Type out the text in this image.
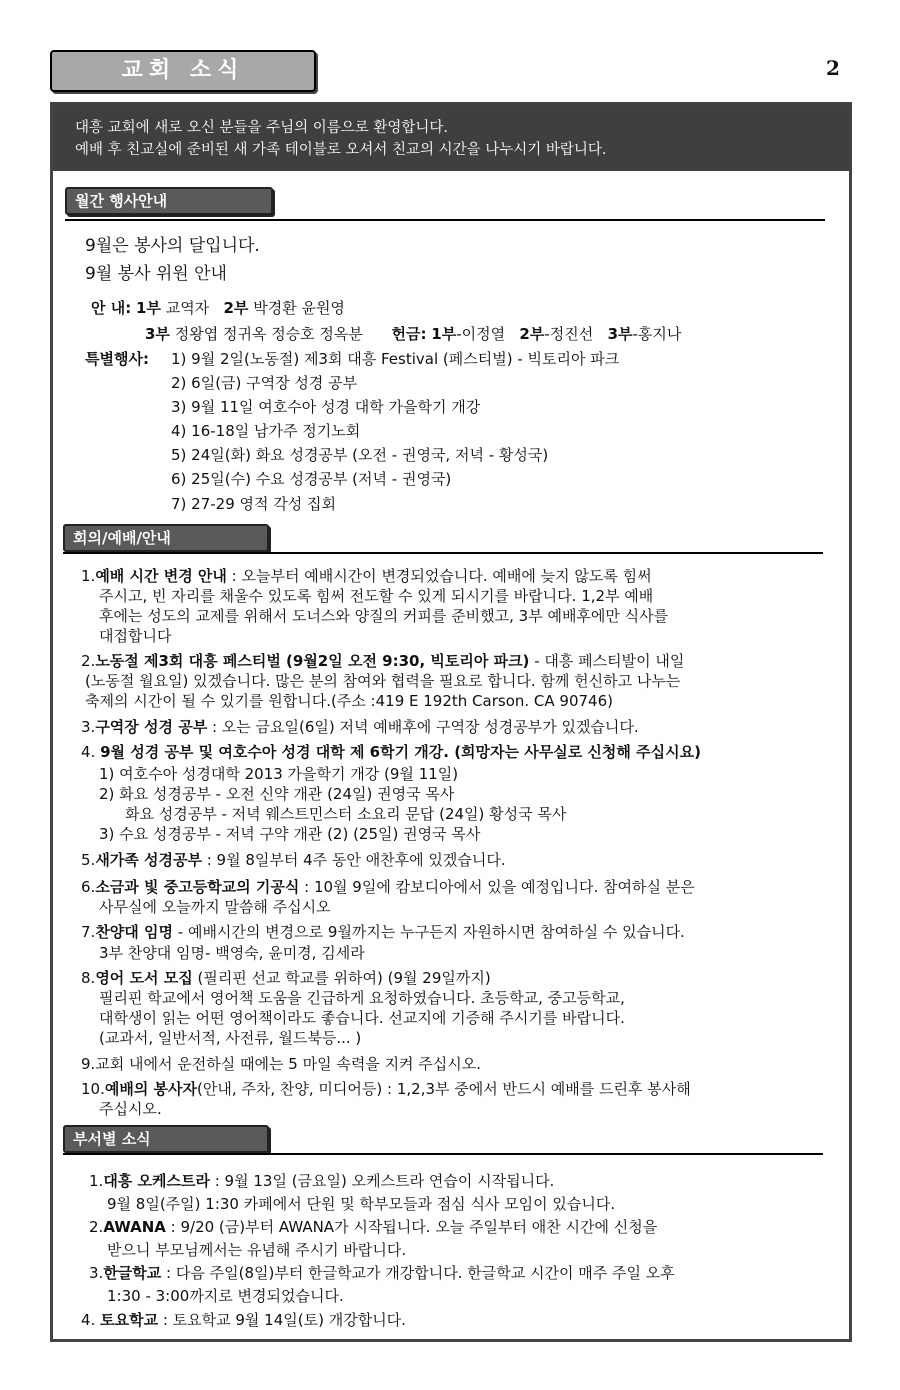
교회 소식	2
대흥 교회에 새로 오신 분들을 주님의 이름으로 환영합니다.
예배 후 친교실에 준비된 새 가족 테이블로 오셔서 친교의 시간을 나누시기 바랍니다.
월간 행사안내
9월은 봉사의 달입니다.
9월 봉사 위원 안내
안 내: 1부 교역자 2부 박경환 윤원영
3부 정왕엽 정귀옥 정승호 정옥분 헌금: 1부-이정열 2부-정진선 3부-홍지나
특별행사: 1) 9월 2일(노동절) 제3회 대흥 Festival (페스티벌) - 빅토리아 파크
2) 6일(금) 구역장 성경 공부
3) 9월 11일 여호수아 성경 대학 가을학기 개강
4) 16-18일 남가주 정기노회
5) 24일(화) 화요 성경공부 (오전 - 권영국, 저녁 - 황성국)
6) 25일(수) 수요 성경공부 (저녁 - 권영국)
7) 27-29 영적 각성 집회
회의/예배/안내
1.예배 시간 변경 안내 : 오늘부터 예배시간이 변경되었습니다. 예배에 늦지 않도록 힘써
주시고, 빈 자리를 채울수 있도록 힘써 전도할 수 있게 되시기를 바랍니다. 1,2부 예배
후에는 성도의 교제를 위해서 도너스와 양질의 커피를 준비했고, 3부 예배후에만 식사를
대접합니다
2.노동절 제3회 대흥 페스티벌 (9월2일 오전 9:30, 빅토리아 파크) - 대흥 페스티발이 내일
(노동절 월요일) 있겠습니다. 많은 분의 참여와 협력을 필요로 합니다. 함께 헌신하고 나누는
축제의 시간이 될 수 있기를 원합니다.(주소 :419 E 192th Carson. CA 90746)
3.구역장 성경 공부 : 오는 금요일(6일) 저녁 예배후에 구역장 성경공부가 있겠습니다.
4. 9월 성경 공부 및 여호수아 성경 대학 제 6학기 개강. (희망자는 사무실로 신청해 주십시요)
1) 여호수아 성경대학 2013 가을학기 개강 (9월 11일)
2) 화요 성경공부 - 오전 신약 개관 (24일) 권영국 목사
화요 성경공부 - 저녁 웨스트민스터 소요리 문답 (24일) 황성국 목사
3) 수요 성경공부 - 저녁 구약 개관 (2) (25일) 권영국 목사
5.새가족 성경공부 : 9월 8일부터 4주 동안 애찬후에 있겠습니다.
6.소금과 빛 중고등학교의 기공식 : 10월 9일에 캄보디아에서 있을 예정입니다. 참여하실 분은
사무실에 오늘까지 말씀해 주십시오
7.찬양대 임명 - 예배시간의 변경으로 9월까지는 누구든지 자원하시면 참여하실 수 있습니다.
3부 찬양대 임명- 백영숙, 윤미경, 김세라
8.영어 도서 모집 (필리핀 선교 학교를 위하여) (9월 29일까지)
필리핀 학교에서 영어책 도움을 긴급하게 요청하였습니다. 초등학교, 중고등학교,
대학생이 읽는 어떤 영어책이라도 좋습니다. 선교지에 기증해 주시기를 바랍니다.
(교과서, 일반서적, 사전류, 월드북등... )
9.교회 내에서 운전하실 때에는 5 마일 속력을 지켜 주십시오.
10.예배의 봉사자(안내, 주차, 찬양, 미디어등) : 1,2,3부 중에서 반드시 예배를 드린후 봉사해
주십시오.
부서별 소식
1.대흥 오케스트라 : 9월 13일 (금요일) 오케스트라 연습이 시작됩니다.
9월 8일(주일) 1:30 카페에서 단원 및 학부모들과 점심 식사 모임이 있습니다.
2.AWANA : 9/20 (금)부터 AWANA가 시작됩니다. 오늘 주일부터 애찬 시간에 신청을
받으니 부모님께서는 유념해 주시기 바랍니다.
3.한글학교 : 다음 주일(8일)부터 한글학교가 개강합니다. 한글학교 시간이 매주 주일 오후
1:30 - 3:00까지로 변경되었습니다.
4. 토요학교 : 토요학교 9월 14일(토) 개강합니다.
